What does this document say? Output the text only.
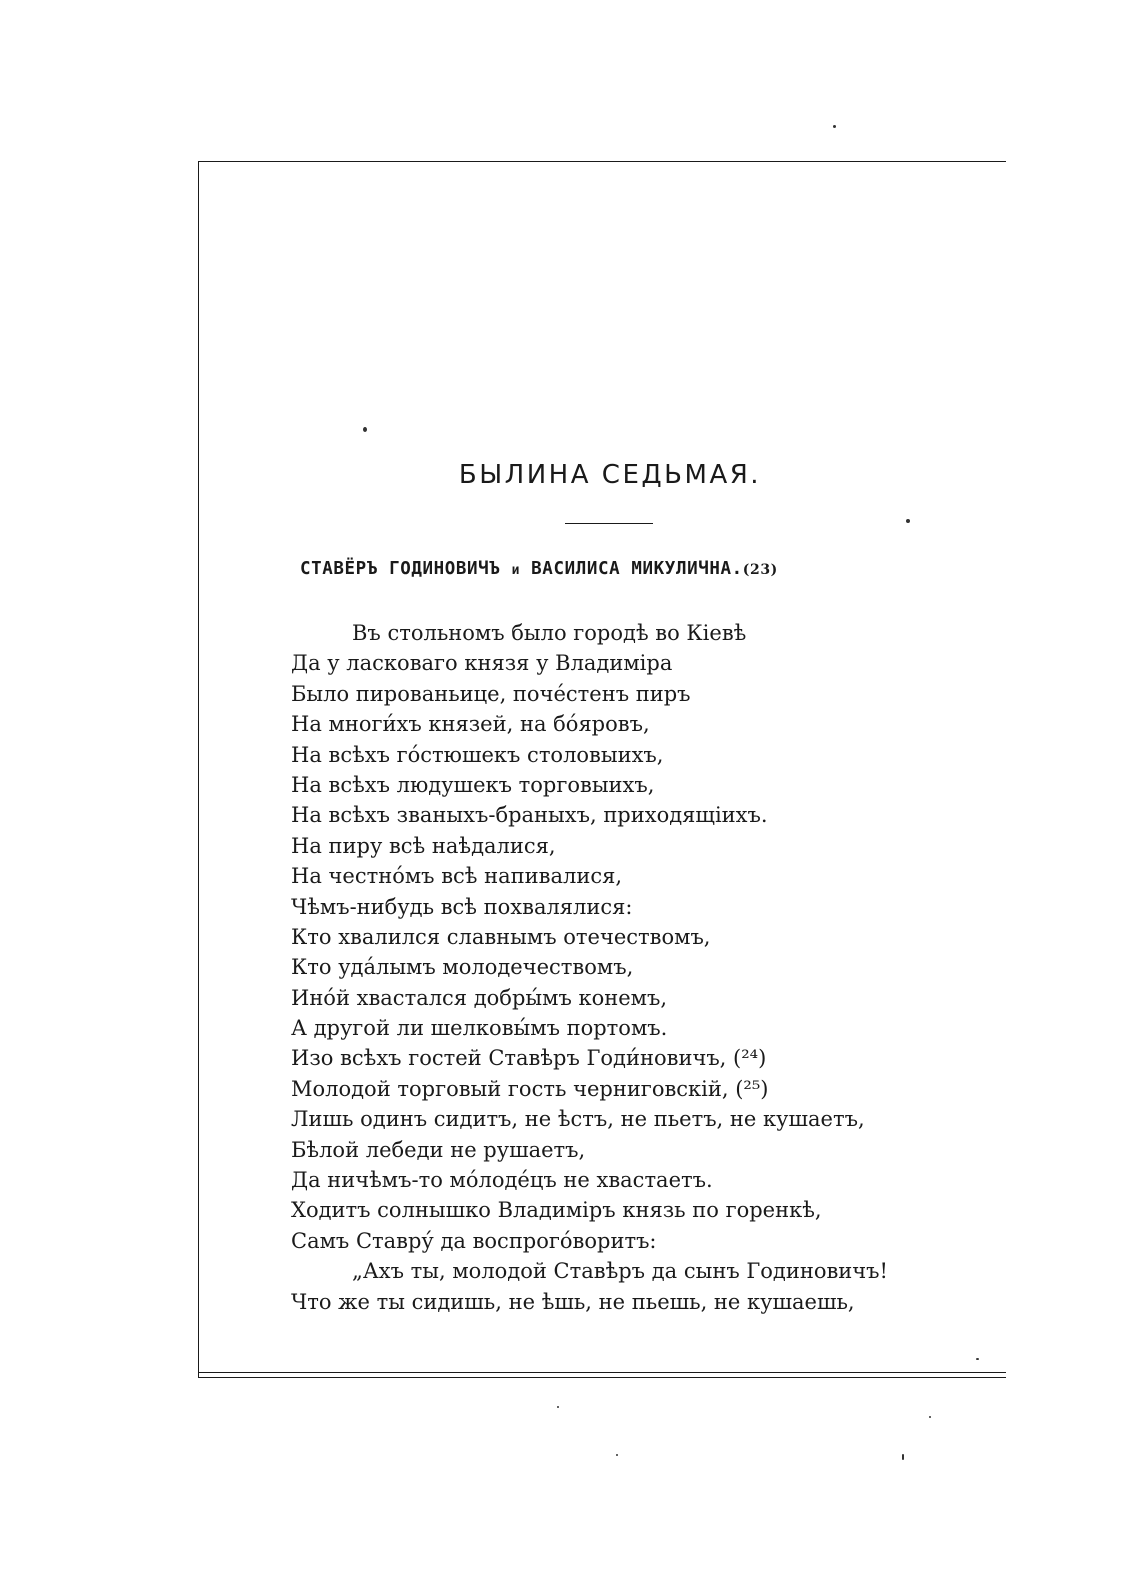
БЫЛИНА СЕДЬМАЯ.
СТАВЁРЪ ГОДИНОВИЧЪ и ВАСИЛИСА МИКУЛИЧНА.(23)
Въ стольномъ было городѣ во Кіевѣ
Да у ласковаго князя у Владиміра
Было пированьице, поче́стенъ пиръ
На многи́хъ князей, на бо́яровъ,
На всѣхъ го́стюшекъ столовыихъ,
На всѣхъ людушекъ торговыихъ,
На всѣхъ званыхъ-браныхъ, приходящіихъ.
На пиру всѣ наѣдалися,
На честно́мъ всѣ напивалися,
Чѣмъ-нибудь всѣ похвалялися:
Кто хвалился славнымъ отечествомъ,
Кто уда́лымъ молодечествомъ,
Ино́й хвастался добры́мъ конемъ,
А другой ли шелковы́мъ портомъ.
Изо всѣхъ гостей Ставѣръ Годи́новичъ, (²⁴)
Молодой торговый гость черниговскій, (²⁵)
Лишь одинъ сидитъ, не ѣстъ, не пьетъ, не кушаетъ,
Бѣлой лебеди не рушаетъ,
Да ничѣмъ-то мо́лоде́цъ не хвастаетъ.
Ходитъ солнышко Владиміръ князь по горенкѣ,
Самъ Ставру́ да воспрого́воритъ:
„Ахъ ты, молодой Ставѣръ да сынъ Годиновичъ!
Что же ты сидишь, не ѣшь, не пьешь, не кушаешь,
